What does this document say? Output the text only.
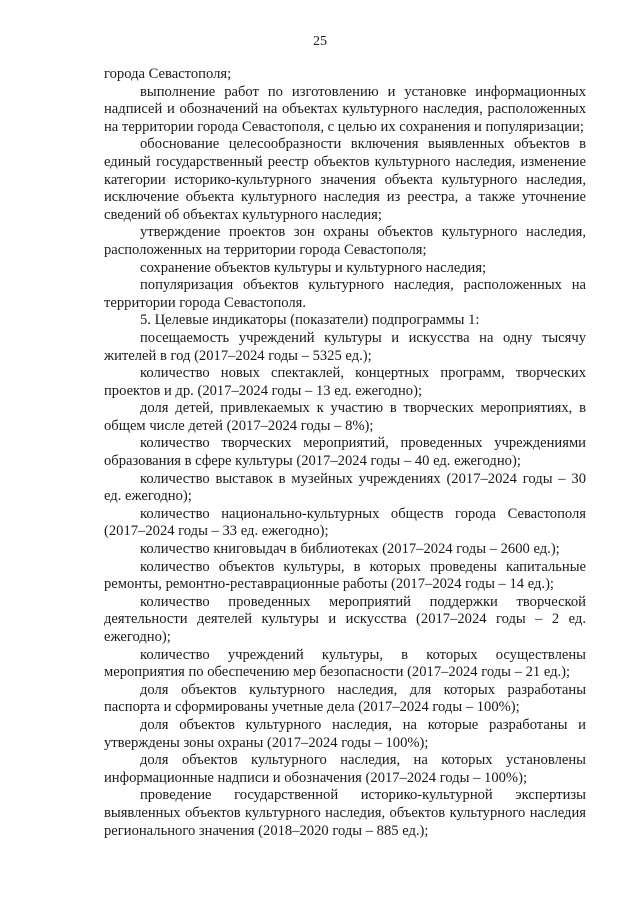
25

города Севастополя;

выполнение работ по изготовлению и установке информационных надписей и обозначений на объектах культурного наследия, расположенных на территории города Севастополя, с целью их сохранения и популяризации;

обоснование целесообразности включения выявленных объектов в единый государственный реестр объектов культурного наследия, изменение категории историко-культурного значения объекта культурного наследия, исключение объекта культурного наследия из реестра, а также уточнение сведений об объектах культурного наследия;

утверждение проектов зон охраны объектов культурного наследия, расположенных на территории города Севастополя;

сохранение объектов культуры и культурного наследия;

популяризация объектов культурного наследия, расположенных на территории города Севастополя.

5. Целевые индикаторы (показатели) подпрограммы 1:

посещаемость учреждений культуры и искусства на одну тысячу жителей в год (2017–2024 годы – 5325 ед.);

количество новых спектаклей, концертных программ, творческих проектов и др. (2017–2024 годы – 13 ед. ежегодно);

доля детей, привлекаемых к участию в творческих мероприятиях, в общем числе детей (2017–2024 годы – 8%);

количество творческих мероприятий, проведенных учреждениями образования в сфере культуры (2017–2024 годы – 40 ед. ежегодно);

количество выставок в музейных учреждениях (2017–2024 годы – 30 ед. ежегодно);

количество национально-культурных обществ города Севастополя (2017–2024 годы – 33 ед. ежегодно);

количество книговыдач в библиотеках (2017–2024 годы – 2600 ед.);

количество объектов культуры, в которых проведены капитальные ремонты, ремонтно-реставрационные работы (2017–2024 годы – 14 ед.);

количество проведенных мероприятий поддержки творческой деятельности деятелей культуры и искусства (2017–2024 годы – 2 ед. ежегодно);

количество учреждений культуры, в которых осуществлены мероприятия по обеспечению мер безопасности (2017–2024 годы – 21 ед.);

доля объектов культурного наследия, для которых разработаны паспорта и сформированы учетные дела (2017–2024 годы – 100%);

доля объектов культурного наследия, на которые разработаны и утверждены зоны охраны (2017–2024 годы – 100%);

доля объектов культурного наследия, на которых установлены информационные надписи и обозначения (2017–2024 годы – 100%);

проведение государственной историко-культурной экспертизы выявленных объектов культурного наследия, объектов культурного наследия регионального значения (2018–2020 годы – 885 ед.);
